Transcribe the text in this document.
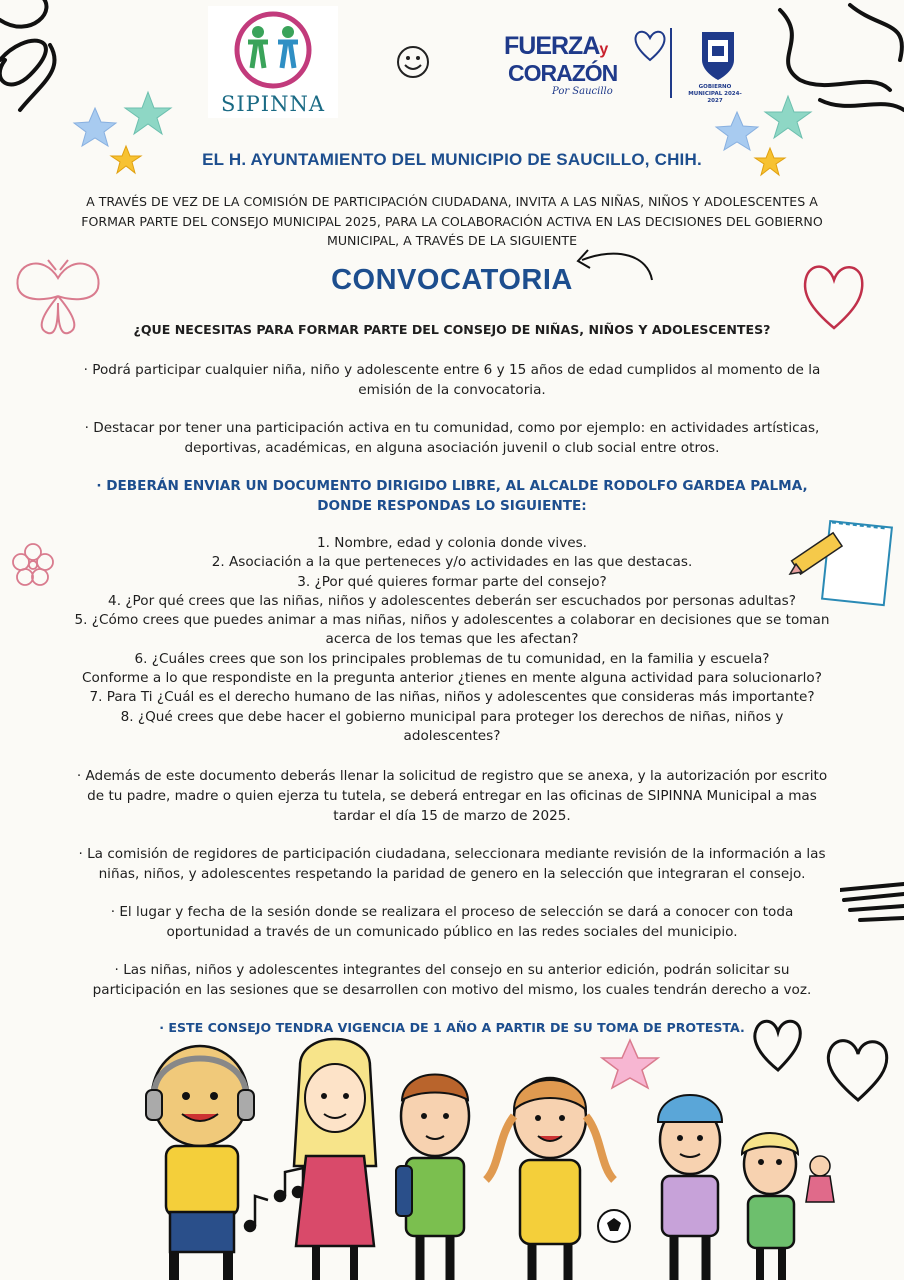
SIPINNA
FUERZAy
CORAZÓN
Por Saucillo	GOBIERNO MUNICIPAL 2024-2027
EL H. AYUNTAMIENTO DEL MUNICIPIO DE SAUCILLO, CHIH.
A TRAVÉS DE VEZ DE LA COMISIÓN DE PARTICIPACIÓN CIUDADANA, INVITA A LAS NIÑAS, NIÑOS Y ADOLESCENTES A FORMAR PARTE DEL CONSEJO MUNICIPAL 2025, PARA LA COLABORACIÓN ACTIVA EN LAS DECISIONES DEL GOBIERNO MUNICIPAL, A TRAVÉS DE LA SIGUIENTE
CONVOCATORIA
¿QUE NECESITAS PARA FORMAR PARTE DEL CONSEJO DE NIÑAS, NIÑOS Y ADOLESCENTES?
· Podrá participar cualquier niña, niño y adolescente entre 6 y 15 años de edad cumplidos al momento de la emisión de la convocatoria.
· Destacar por tener una participación activa en tu comunidad, como por ejemplo: en actividades artísticas, deportivas, académicas, en alguna asociación juvenil o club social entre otros.
· DEBERÁN ENVIAR UN DOCUMENTO DIRIGIDO LIBRE, AL ALCALDE RODOLFO GARDEA PALMA, DONDE RESPONDAS LO SIGUIENTE:
1. Nombre, edad y colonia donde vives.
2. Asociación a la que perteneces y/o actividades en las que destacas.
3. ¿Por qué quieres formar parte del consejo?
4. ¿Por qué crees que las niñas, niños y adolescentes deberán ser escuchados por personas adultas?
5. ¿Cómo crees que puedes animar a mas niñas, niños y adolescentes a colaborar en decisiones que se toman acerca de los temas que les afectan?
6. ¿Cuáles crees que son los principales problemas de tu comunidad, en la familia y escuela?
Conforme a lo que respondiste en la pregunta anterior ¿tienes en mente alguna actividad para solucionarlo?
7. Para Ti ¿Cuál es el derecho humano de las niñas, niños y adolescentes que consideras más importante?
8. ¿Qué crees que debe hacer el gobierno municipal para proteger los derechos de niñas, niños y adolescentes?
· Además de este documento deberás llenar la solicitud de registro que se anexa, y la autorización por escrito de tu padre, madre o quien ejerza tu tutela, se deberá entregar en las oficinas de SIPINNA Municipal a mas tardar el día 15 de marzo de 2025.
· La comisión de regidores de participación ciudadana, seleccionara mediante revisión de la información a las niñas, niños, y adolescentes respetando la paridad de genero en la selección que integraran el consejo.
· El lugar y fecha de la sesión donde se realizara el proceso de selección se dará a conocer con toda oportunidad a través de un comunicado público en las redes sociales del municipio.
· Las niñas, niños y adolescentes integrantes del consejo en su anterior edición, podrán solicitar su participación en las sesiones que se desarrollen con motivo del mismo, los cuales tendrán derecho a voz.
· ESTE CONSEJO TENDRA VIGENCIA DE 1 AÑO A PARTIR DE SU TOMA DE PROTESTA.
